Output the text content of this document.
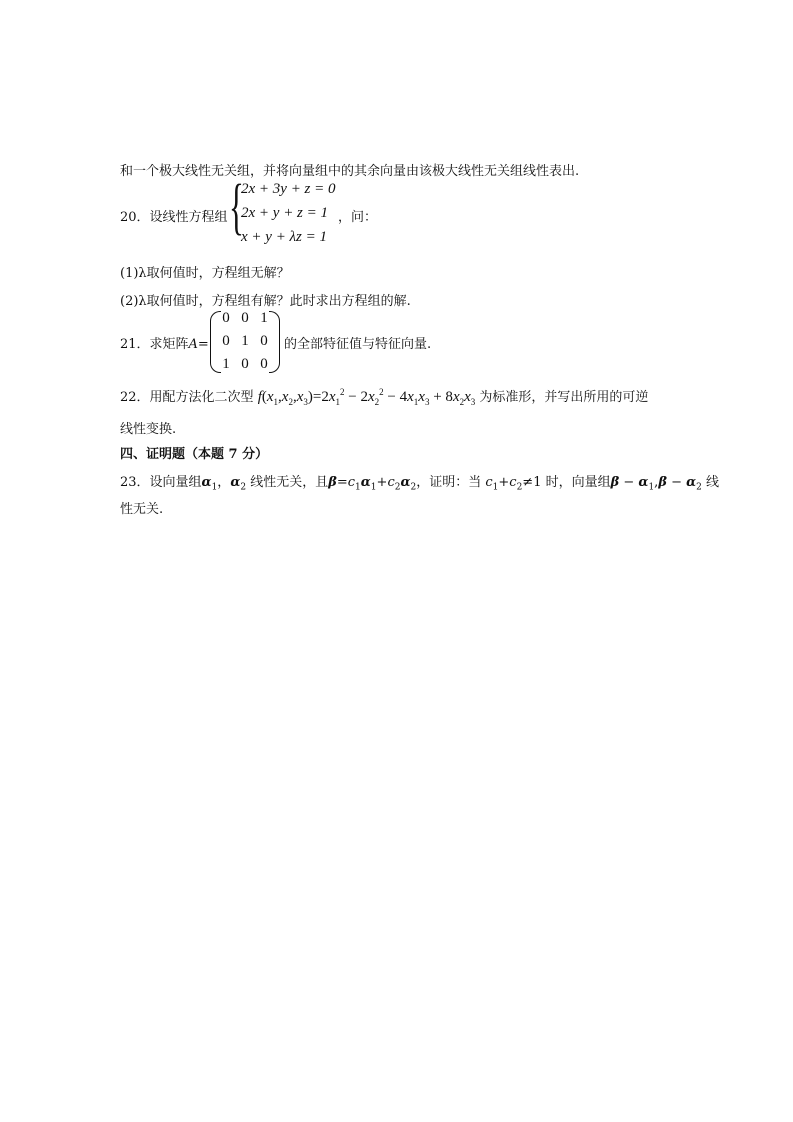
和一个极大线性无关组，并将向量组中的其余向量由该极大线性无关组线性表出.
20．设线性方程组 {
2x + 3y + z = 0
2x + y + z = 1
x + y + λz = 1
，问：
(1)λ取何值时，方程组无解？
(2)λ取何值时，方程组有解？此时求出方程组的解.
21．求矩阵A=
0 0 1
0 1 0
1 0 0
的全部特征值与特征向量.
22．用配方法化二次型 $f(x_1,x_2,x_3)=2x_1^2 - 2x_2^2 - 4x_1x_3 + 8x_2x_3$ 为标准形，并写出所用的可逆
线性变换.
四、证明题（本题 7 分）
23．设向量组$\alpha_1$，$\alpha_2$ 线性无关，且$\beta=c_1\alpha_1+c_2\alpha_2$，证明：当 $c_1+c_2\ne 1$ 时，向量组$\beta - \alpha_1,\beta - \alpha_2$ 线
性无关.
